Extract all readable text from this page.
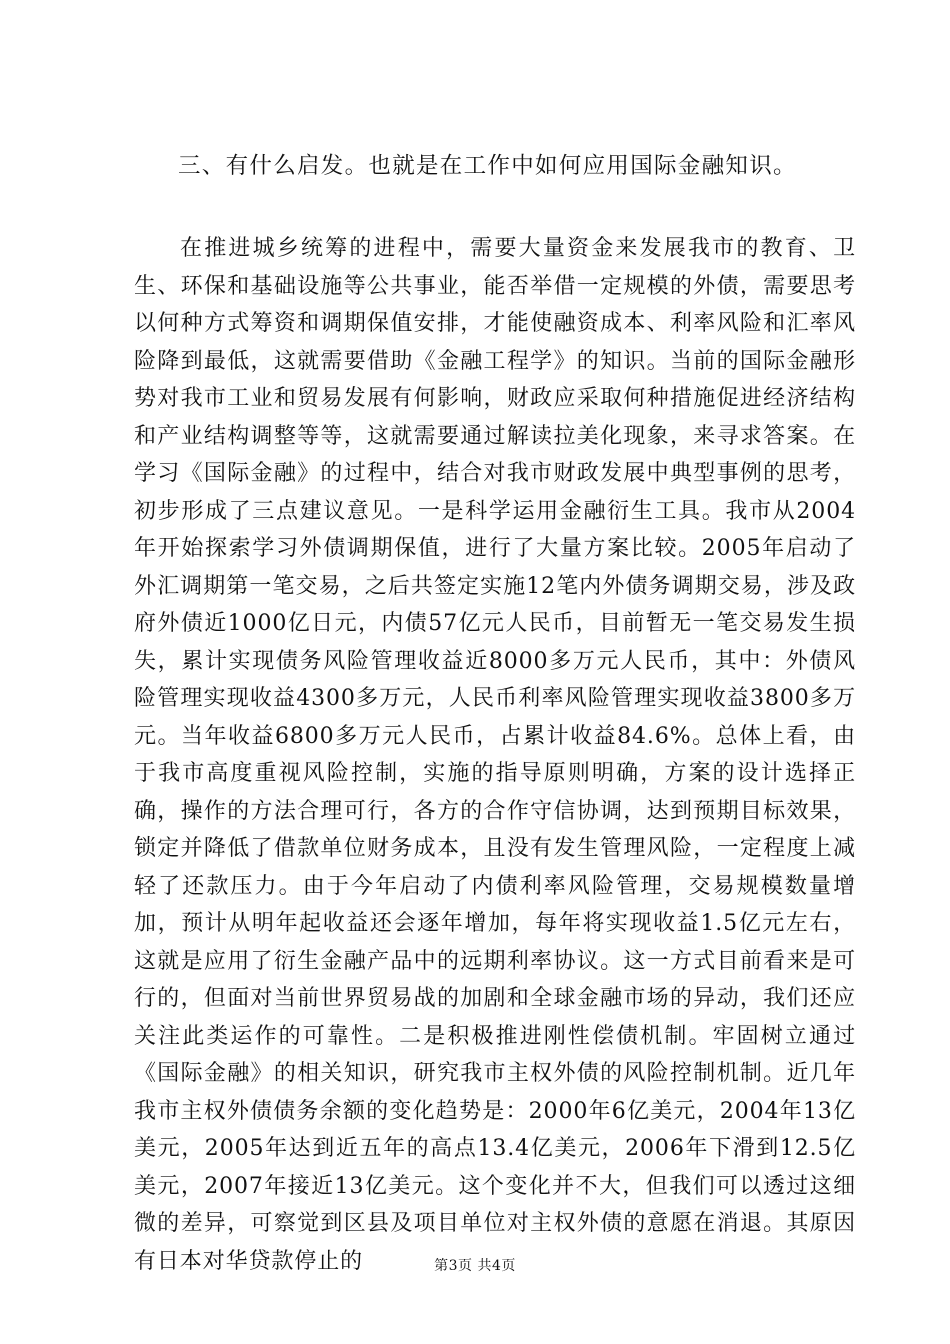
三、有什么启发。也就是在工作中如何应用国际金融知识。

在推进城乡统筹的进程中，需要大量资金来发展我市的教育、卫生、环保和基础设施等公共事业，能否举借一定规模的外债，需要思考以何种方式筹资和调期保值安排，才能使融资成本、利率风险和汇率风险降到最低，这就需要借助《金融工程学》的知识。当前的国际金融形势对我市工业和贸易发展有何影响，财政应采取何种措施促进经济结构和产业结构调整等等，这就需要通过解读拉美化现象，来寻求答案。在学习《国际金融》的过程中，结合对我市财政发展中典型事例的思考，初步形成了三点建议意见。一是科学运用金融衍生工具。我市从2004年开始探索学习外债调期保值，进行了大量方案比较。2005年启动了外汇调期第一笔交易，之后共签定实施12笔内外债务调期交易，涉及政府外债近1000亿日元，内债57亿元人民币，目前暂无一笔交易发生损失，累计实现债务风险管理收益近8000多万元人民币，其中：外债风险管理实现收益4300多万元，人民币利率风险管理实现收益3800多万元。当年收益6800多万元人民币，占累计收益84.6%。总体上看，由于我市高度重视风险控制，实施的指导原则明确，方案的设计选择正确，操作的方法合理可行，各方的合作守信协调，达到预期目标效果，锁定并降低了借款单位财务成本，且没有发生管理风险，一定程度上减轻了还款压力。由于今年启动了内债利率风险管理，交易规模数量增加，预计从明年起收益还会逐年增加，每年将实现收益1.5亿元左右，这就是应用了衍生金融产品中的远期利率协议。这一方式目前看来是可行的，但面对当前世界贸易战的加剧和全球金融市场的异动，我们还应关注此类运作的可靠性。二是积极推进刚性偿债机制。牢固树立通过《国际金融》的相关知识，研究我市主权外债的风险控制机制。近几年我市主权外债债务余额的变化趋势是：2000年6亿美元，2004年13亿美元，2005年达到近五年的高点13.4亿美元，2006年下滑到12.5亿美元，2007年接近13亿美元。这个变化并不大，但我们可以透过这细微的差异，可察觉到区县及项目单位对主权外债的意愿在消退。其原因有日本对华贷款停止的	第3页 共4页
